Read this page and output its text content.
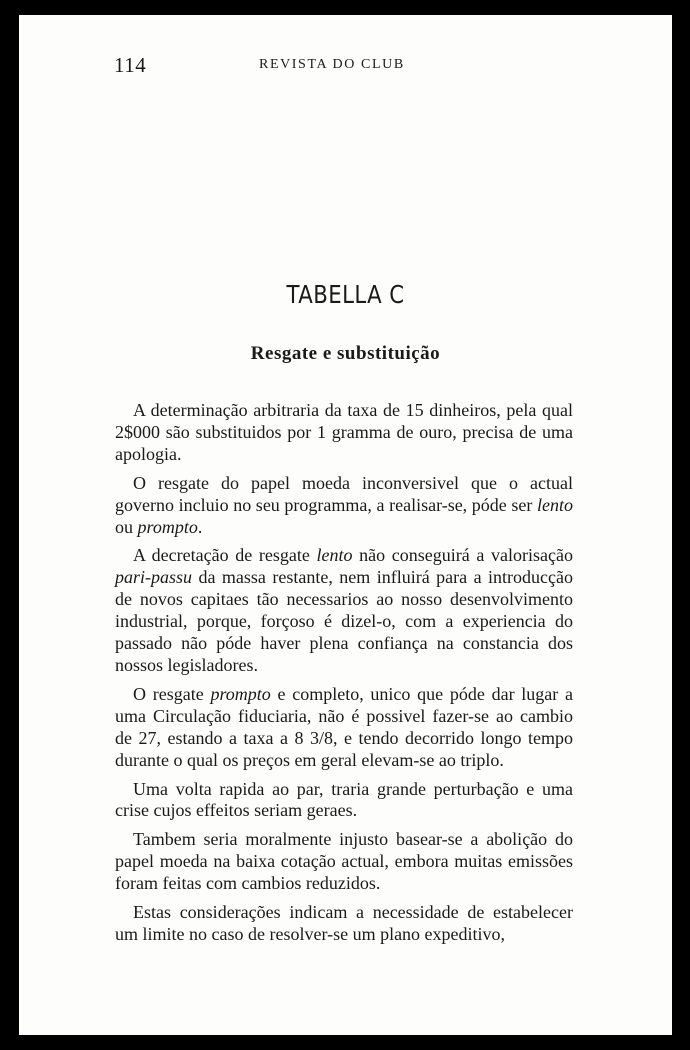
114	REVISTA DO CLUB
TABELLA C
Resgate e substituição

A determinação arbitraria da taxa de 15 dinheiros, pela qual 2$000 são substituidos por 1 gramma de ouro, precisa de uma apologia.

O resgate do papel moeda inconversivel que o actual governo incluio no seu programma, a realisar-se, póde ser lento ou prompto.

A decretação de resgate lento não conseguirá a valorisação pari-passu da massa restante, nem influirá para a introducção de novos capitaes tão necessarios ao nosso desenvolvimento industrial, porque, forçoso é dizel-o, com a experiencia do passado não póde haver plena confiança na constancia dos nossos legisladores.

O resgate prompto e completo, unico que póde dar lugar a uma Circulação fiduciaria, não é possivel fazer-se ao cambio de 27, estando a taxa a 8 3/8, e tendo decorrido longo tempo durante o qual os preços em geral elevam-se ao triplo.

Uma volta rapida ao par, traria grande perturbação e uma crise cujos effeitos seriam geraes.

Tambem seria moralmente injusto basear-se a abolição do papel moeda na baixa cotação actual, embora muitas emissões foram feitas com cambios reduzidos.

Estas considerações indicam a necessidade de estabelecer um limite no caso de resolver-se um plano expeditivo,
